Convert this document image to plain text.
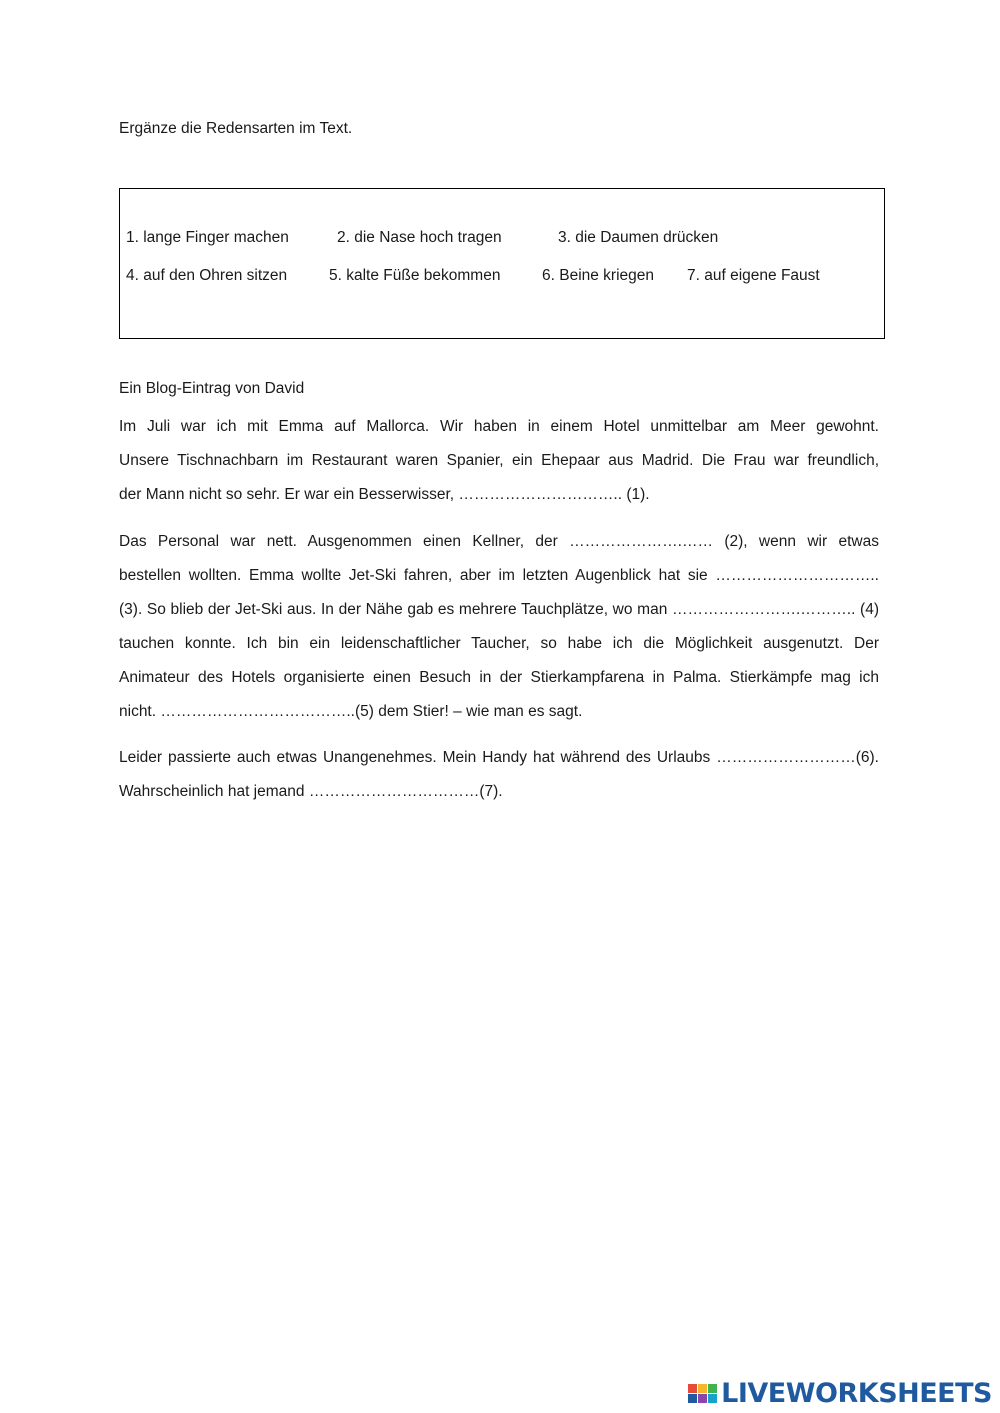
Ergänze die Redensarten im Text.
1. lange Finger machen	2. die Nase hoch tragen	3. die Daumen drücken
4. auf den Ohren sitzen	5. kalte Füße bekommen	6. Beine kriegen 7. auf eigene Faust
Ein Blog-Eintrag von David
Im Juli war ich mit Emma auf Mallorca. Wir haben in einem Hotel unmittelbar am Meer gewohnt.
Unsere Tischnachbarn im Restaurant waren Spanier, ein Ehepaar aus Madrid. Die Frau war freundlich,
der Mann nicht so sehr. Er war ein Besserwisser, ………………………….. (1).
Das Personal war nett. Ausgenommen einen Kellner, der ………………….…… (2), wenn wir etwas
bestellen wollten. Emma wollte Jet-Ski fahren, aber im letzten Augenblick hat sie …………………………..
(3). So blieb der Jet-Ski aus. In der Nähe gab es mehrere Tauchplätze, wo man …………………….……….. (4)
tauchen konnte. Ich bin ein leidenschaftlicher Taucher, so habe ich die Möglichkeit ausgenutzt. Der
Animateur des Hotels organisierte einen Besuch in der Stierkampfarena in Palma. Stierkämpfe mag ich
nicht. ………………………………..(5) dem Stier! – wie man es sagt.
Leider passierte auch etwas Unangenehmes. Mein Handy hat während des Urlaubs ………………………(6).
Wahrscheinlich hat jemand ……………………………(7).
LIVEWORKSHEETS
